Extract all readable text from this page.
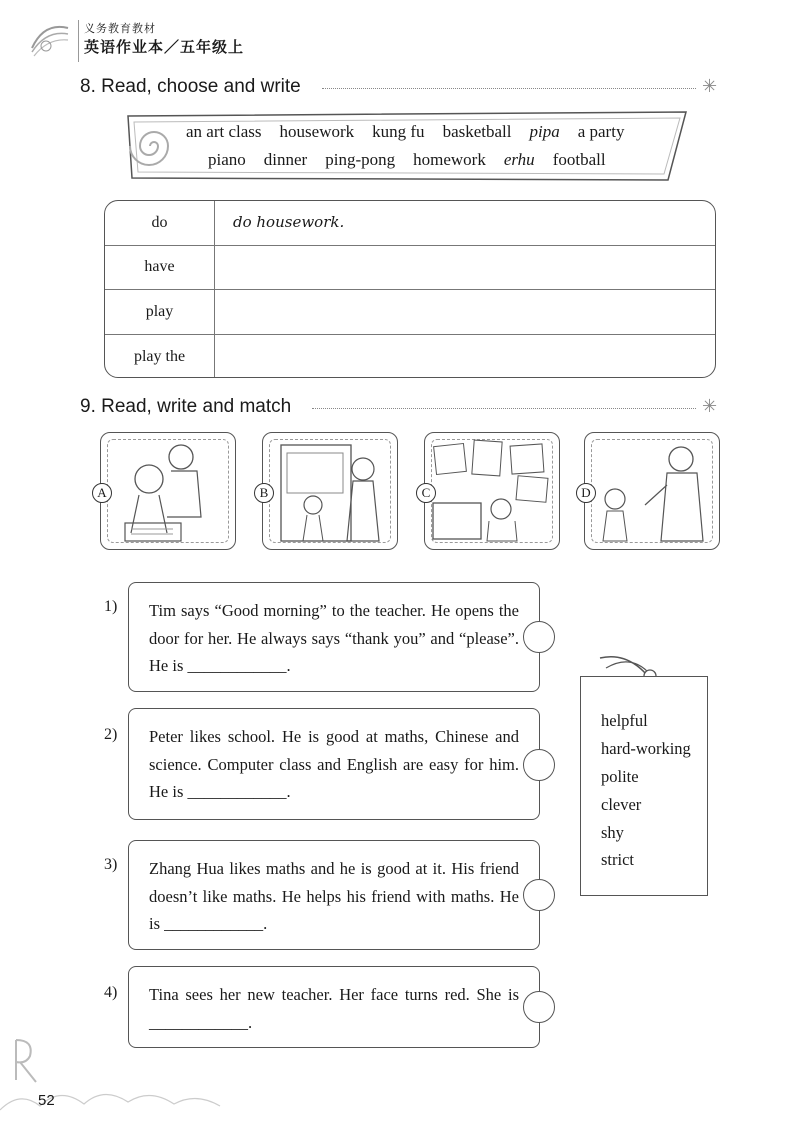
义务教育教材
英语作业本／五年级上
8. Read, choose and write	✳
an art class housework kung fu basketball pipa a party
piano dinner ping-pong homework erhu football
do	do housework.
have
play
play the
9. Read, write and match	✳
A	B	C	D
1) Tim says “Good morning” to the teacher. He opens the door for her. He always says “thank you” and “please”. He is ____________.
2) Peter likes school. He is good at maths, Chinese and science. Computer class and English are easy for him. He is ____________.
3) Zhang Hua likes maths and he is good at it. His friend doesn’t like maths. He helps his friend with maths. He is ____________.
4) Tina sees her new teacher. Her face turns red. She is ____________.
helpful
hard-working
polite
clever
shy
strict
52
